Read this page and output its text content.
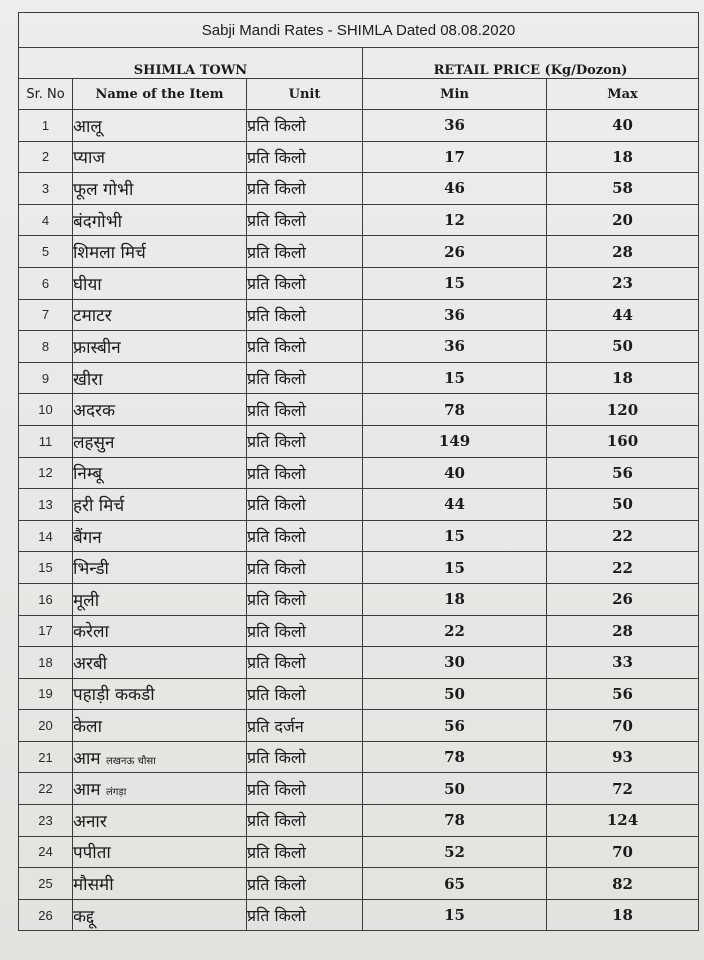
Sabji Mandi Rates - SHIMLA Dated 08.08.2020				
SHIMLA TOWN			RETAIL PRICE (Kg/Dozon)	
Sr. No	Name of the Item	Unit	Min	Max
1	आलू	प्रति किलो	36	40
2	प्याज	प्रति किलो	17	18
3	फूल गोभी	प्रति किलो	46	58
4	बंदगोभी	प्रति किलो	12	20
5	शिमला मिर्च	प्रति किलो	26	28
6	घीया	प्रति किलो	15	23
7	टमाटर	प्रति किलो	36	44
8	फ्रास्बीन	प्रति किलो	36	50
9	खीरा	प्रति किलो	15	18
10	अदरक	प्रति किलो	78	120
11	लहसुन	प्रति किलो	149	160
12	निम्बू	प्रति किलो	40	56
13	हरी मिर्च	प्रति किलो	44	50
14	बैंगन	प्रति किलो	15	22
15	भिन्डी	प्रति किलो	15	22
16	मूली	प्रति किलो	18	26
17	करेला	प्रति किलो	22	28
18	अरबी	प्रति किलो	30	33
19	पहाड़ी ककडी	प्रति किलो	50	56
20	केला	प्रति दर्जन	56	70
21	आम लखनऊ चौसा	प्रति किलो	78	93
22	आम लंगड़ा	प्रति किलो	50	72
23	अनार	प्रति किलो	78	124
24	पपीता	प्रति किलो	52	70
25	मौसमी	प्रति किलो	65	82
26	कद्दू	प्रति किलो	15	18
